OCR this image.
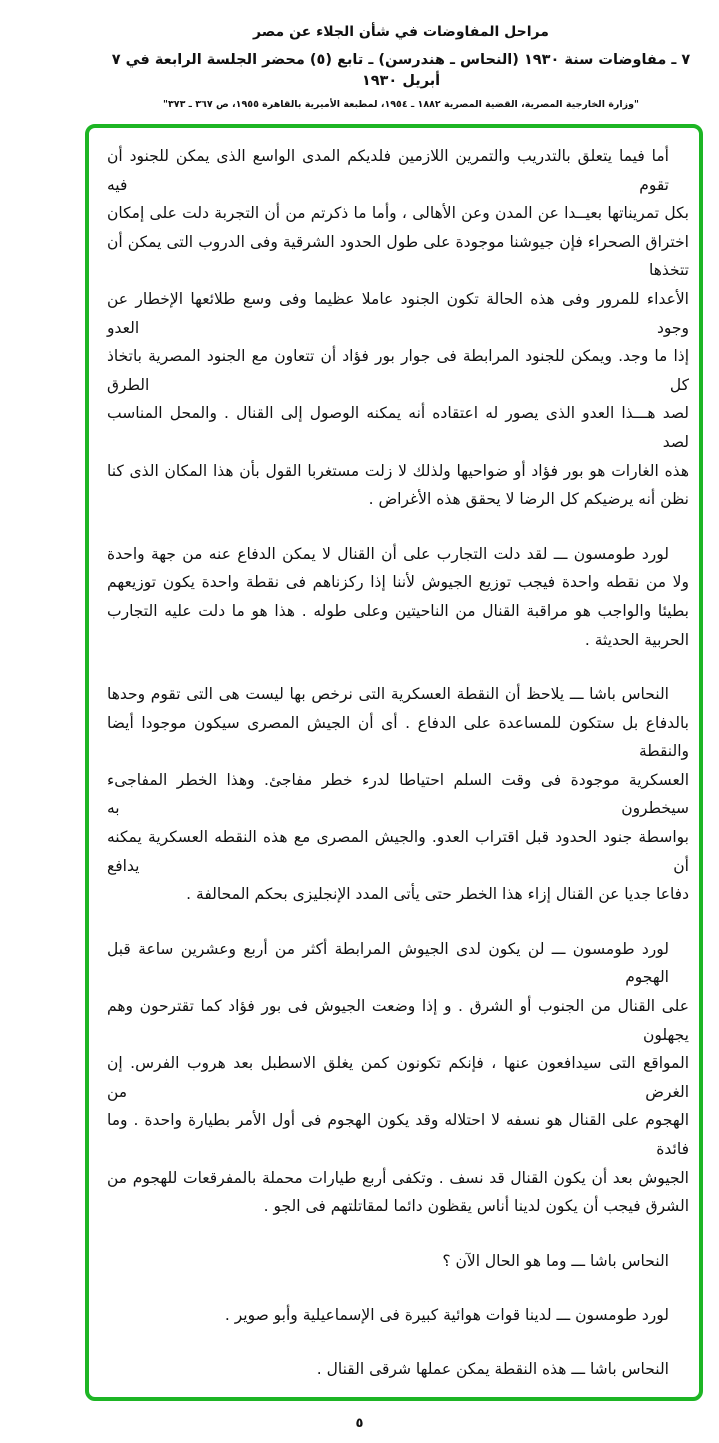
مراحل المفاوضات في شأن الجلاء عن مصر
٧ ـ مفاوضات سنة ١٩٣٠ (النحاس ـ هندرسن) ـ تابع (٥) محضر الجلسة الرابعة في ٧ أبريل ١٩٣٠
"وزارة الخارجية المصرية، القضية المصرية ١٨٨٢ ـ ١٩٥٤، لمطبعة الأميرية بالقاهرة ١٩٥٥، ص ٣٦٧ ـ ٣٧٣"
أما فيما يتعلق بالتدريب والتمرين اللازمين فلديكم المدى الواسع الذى يمكن للجنود أن تقوم فيه
بكل تمريناتها بعيــدا عن المدن وعن الأهالى ، وأما ما ذكرتم من أن التجربة دلت على إمكان
اختراق الصحراء فإن جيوشنا موجودة على طول الحدود الشرقية وفى الدروب التى يمكن أن تتخذها
الأعداء للمرور وفى هذه الحالة تكون الجنود عاملا عظيما وفى وسع طلائعها الإخطار عن وجود العدو
إذا ما وجد. ويمكن للجنود المرابطة فى جوار بور فؤاد أن تتعاون مع الجنود المصرية باتخاذ كل الطرق
لصد هـــذا العدو الذى يصور له اعتقاده أنه يمكنه الوصول إلى القنال . والمحل المناسب لصد
هذه الغارات هو بور فؤاد أو ضواحيها ولذلك لا زلت مستغربا القول بأن هذا المكان الذى كنا
نظن أنه يرضيكم كل الرضا لا يحقق هذه الأغراض .
لورد طومسون ـــ لقد دلت التجارب على أن القنال لا يمكن الدفاع عنه من جهة واحدة
ولا من نقطه واحدة فيجب توزيع الجيوش لأننا إذا ركزناهم فى نقطة واحدة يكون توزيعهم
بطيئا والواجب هو مراقبة القنال من الناحيتين وعلى طوله . هذا هو ما دلت عليه التجارب
الحربية الحديثة .
النحاس باشا ـــ يلاحظ أن النقطة العسكرية التى نرخص بها ليست هى التى تقوم وحدها
بالدفاع بل ستكون للمساعدة على الدفاع . أى أن الجيش المصرى سيكون موجودا أيضا والنقطة
العسكرية موجودة فى وقت السلم احتياطا لدرء خطر مفاجئ. وهذا الخطر المفاجىء سيخطرون به
بواسطة جنود الحدود قبل اقتراب العدو. والجيش المصرى مع هذه النقطه العسكرية يمكنه أن يدافع
دفاعا جديا عن القنال إزاء هذا الخطر حتى يأتى المدد الإنجليزى بحكم المحالفة .
لورد طومسون ـــ لن يكون لدى الجيوش المرابطة أكثر من أربع وعشرين ساعة قبل الهجوم
على القنال من الجنوب أو الشرق . و إذا وضعت الجيوش فى بور فؤاد كما تقترحون وهم يجهلون
المواقع التى سيدافعون عنها ، فإنكم تكونون كمن يغلق الاسطبل بعد هروب الفرس. إن الغرض من
الهجوم على القنال هو نسفه لا احتلاله وقد يكون الهجوم فى أول الأمر بطيارة واحدة . وما فائدة
الجيوش بعد أن يكون القنال قد نسف . وتكفى أربع طيارات محملة بالمفرقعات للهجوم من
الشرق فيجب أن يكون لدينا أناس يقظون دائما لمقاتلتهم فى الجو .
النحاس باشا ـــ وما هو الحال الآن ؟
لورد طومسون ـــ لدينا قوات هوائية كبيرة فى الإسماعيلية وأبو صوير .
النحاس باشا ـــ هذه النقطة يمكن عملها شرقى القنال .
٥
